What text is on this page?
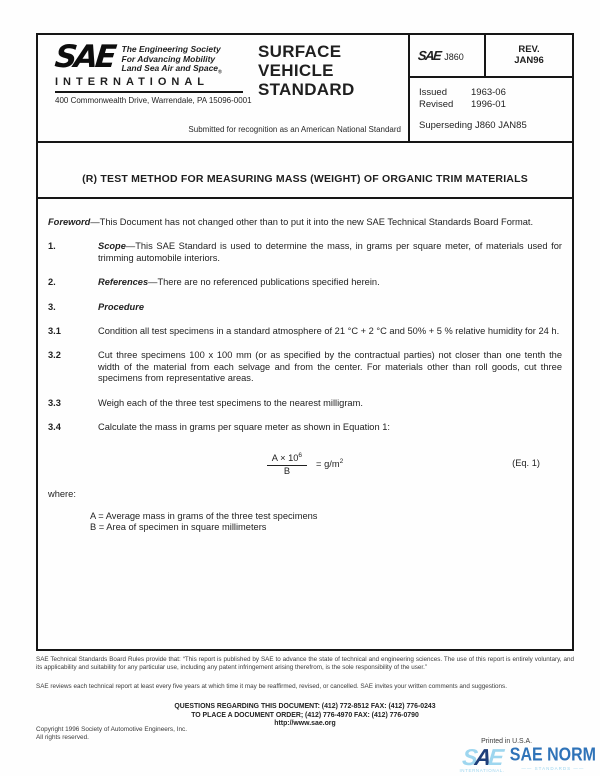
SAE The Engineering Society
For Advancing Mobility
Land Sea Air and Space$_®$
INTERNATIONAL
400 Commonwealth Drive, Warrendale, PA 15096-0001
SURFACE
VEHICLE
STANDARD
Submitted for recognition as an American National Standard
SAE J860
REV.
JAN96
Issued	1963-06
Revised	1996-01
Superseding J860 JAN85
(R) TEST METHOD FOR MEASURING MASS (WEIGHT) OF ORGANIC TRIM MATERIALS
Foreword—This Document has not changed other than to put it into the new SAE Technical Standards Board Format.
1.	Scope—This SAE Standard is used to determine the mass, in grams per square meter, of materials used for trimming automobile interiors.
2.	References—There are no referenced publications specified herein.
3.	Procedure
3.1	Condition all test specimens in a standard atmosphere of 21 °C + 2 °C and 50% + 5 % relative humidity for 24 h.
3.2	Cut three specimens 100 x 100 mm (or as specified by the contractual parties) not closer than one tenth the width of the material from each selvage and from the center. For materials other than roll goods, cut three specimens from representative areas.
3.3	Weigh each of the three test specimens to the nearest milligram.
3.4	Calculate the mass in grams per square meter as shown in Equation 1:
$\frac{A \times 10^6}{B} = g/m^2$	(Eq. 1)
where:
A = Average mass in grams of the three test specimens
B = Area of specimen in square millimeters
SAE Technical Standards Board Rules provide that: “This report is published by SAE to advance the state of technical and engineering sciences. The use of this report is entirely voluntary, and its applicability and suitability for any particular use, including any patent infringement arising therefrom, is the sole responsibility of the user.”
SAE reviews each technical report at least every five years at which time it may be reaffirmed, revised, or cancelled. SAE invites your written comments and suggestions.
QUESTIONS REGARDING THIS DOCUMENT: (412) 772-8512 FAX: (412) 776-0243
TO PLACE A DOCUMENT ORDER; (412) 776-4970 FAX: (412) 776-0790
http://www.sae.org
Copyright 1996 Society of Automotive Engineers, Inc.
All rights reserved.
Printed in U.S.A.
SAE
INTERNATIONAL.
SAE NORM
—— STANDARDS ——
